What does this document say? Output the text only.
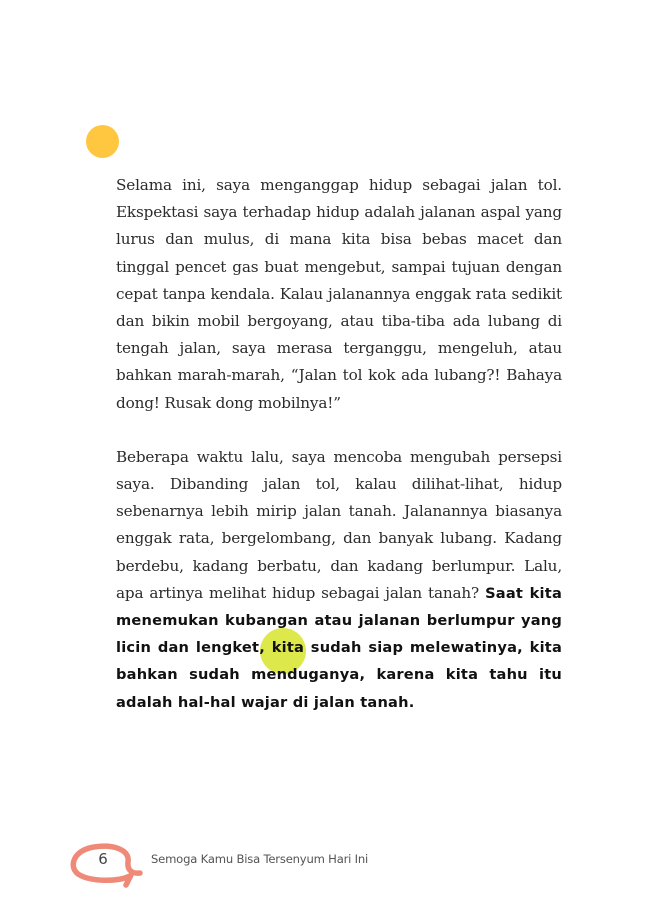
Selama ini, saya menganggap hidup sebagai jalan tol. Ekspektasi saya terhadap hidup adalah jalanan aspal yang lurus dan mulus, di mana kita bisa bebas macet dan tinggal pencet gas buat mengebut, sampai tujuan dengan cepat tanpa kendala. Kalau jalanannya enggak rata sedikit dan bikin mobil bergoyang, atau tiba-tiba ada lubang di tengah jalan, saya merasa terganggu, mengeluh, atau bahkan marah-marah, “Jalan tol kok ada lubang?! Bahaya dong! Rusak dong mobilnya!”

Beberapa waktu lalu, saya mencoba mengubah persepsi saya. Dibanding jalan tol, kalau dilihat-lihat, hidup sebenarnya lebih mirip jalan tanah. Jalanannya biasanya enggak rata, bergelombang, dan banyak lubang. Kadang berdebu, kadang berbatu, dan kadang berlumpur. Lalu, apa artinya melihat hidup sebagai jalan tanah? Saat kita menemukan kubangan atau jalanan berlumpur yang licin dan lengket, kita sudah siap melewatinya, kita bahkan sudah menduganya, karena kita tahu itu adalah hal-hal wajar di jalan tanah.

6	Semoga Kamu Bisa Tersenyum Hari Ini
